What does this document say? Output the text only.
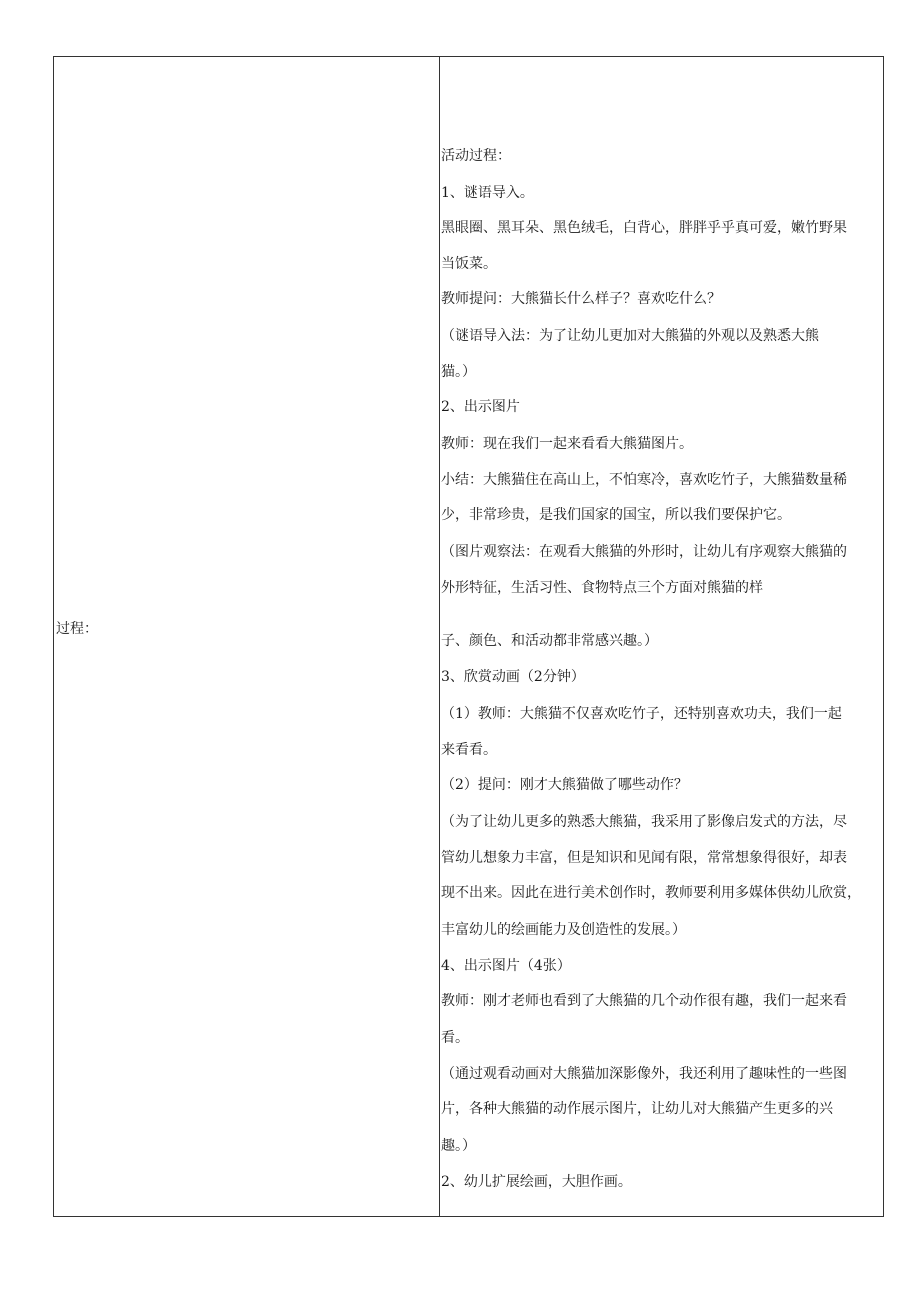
过程：
活动过程：
1、谜语导入。
黑眼圈、黑耳朵、黑色绒毛，白背心，胖胖乎乎真可爱，嫩竹野果
当饭菜。
教师提问：大熊猫长什么样子？喜欢吃什么？
（谜语导入法：为了让幼儿更加对大熊猫的外观以及熟悉大熊
猫。）
2、出示图片
教师：现在我们一起来看看大熊猫图片。
小结：大熊猫住在高山上，不怕寒冷，喜欢吃竹子，大熊猫数量稀
少，非常珍贵，是我们国家的国宝，所以我们要保护它。
（图片观察法：在观看大熊猫的外形时，让幼儿有序观察大熊猫的
外形特征，生活习性、食物特点三个方面对熊猫的样
子、颜色、和活动都非常感兴趣。）
3、欣赏动画（2分钟）
（1）教师：大熊猫不仅喜欢吃竹子，还特别喜欢功夫，我们一起
来看看。
（2）提问：刚才大熊猫做了哪些动作？
（为了让幼儿更多的熟悉大熊猫，我采用了影像启发式的方法，尽
管幼儿想象力丰富，但是知识和见闻有限，常常想象得很好，却表
现不出来。因此在进行美术创作时，教师要利用多媒体供幼儿欣赏，
丰富幼儿的绘画能力及创造性的发展。）
4、出示图片（4张）
教师：刚才老师也看到了大熊猫的几个动作很有趣，我们一起来看
看。
（通过观看动画对大熊猫加深影像外，我还利用了趣味性的一些图
片，各种大熊猫的动作展示图片，让幼儿对大熊猫产生更多的兴
趣。）
2、幼儿扩展绘画，大胆作画。
